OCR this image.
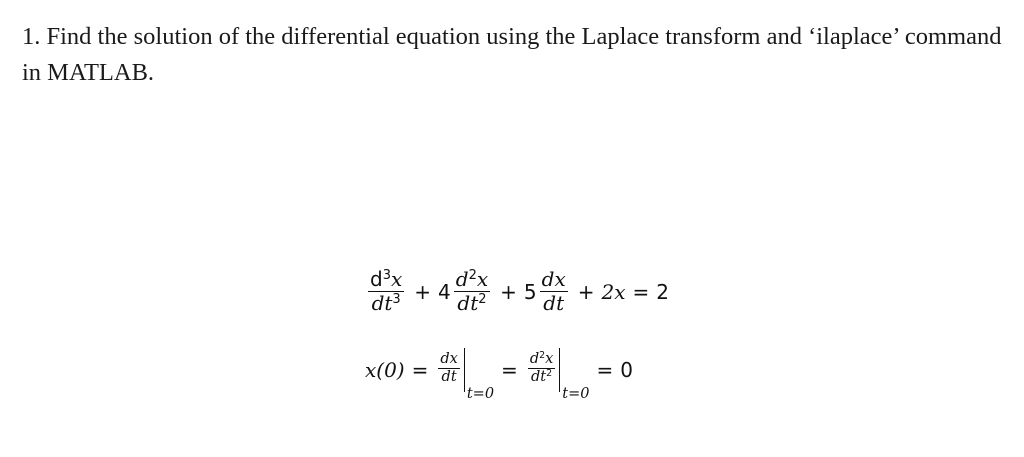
1. Find the solution of the differential equation using the Laplace transform and ‘ilaplace’ command in MATLAB.

$\frac{d^3x}{dt^3} + 4 \frac{d^2x}{dt^2} + 5 \frac{dx}{dt} + 2x = 2$
$x(0) = \frac{dx}{dt}$
t=0
= $\frac{d^2x}{dt^2}$
t=0
= 0
